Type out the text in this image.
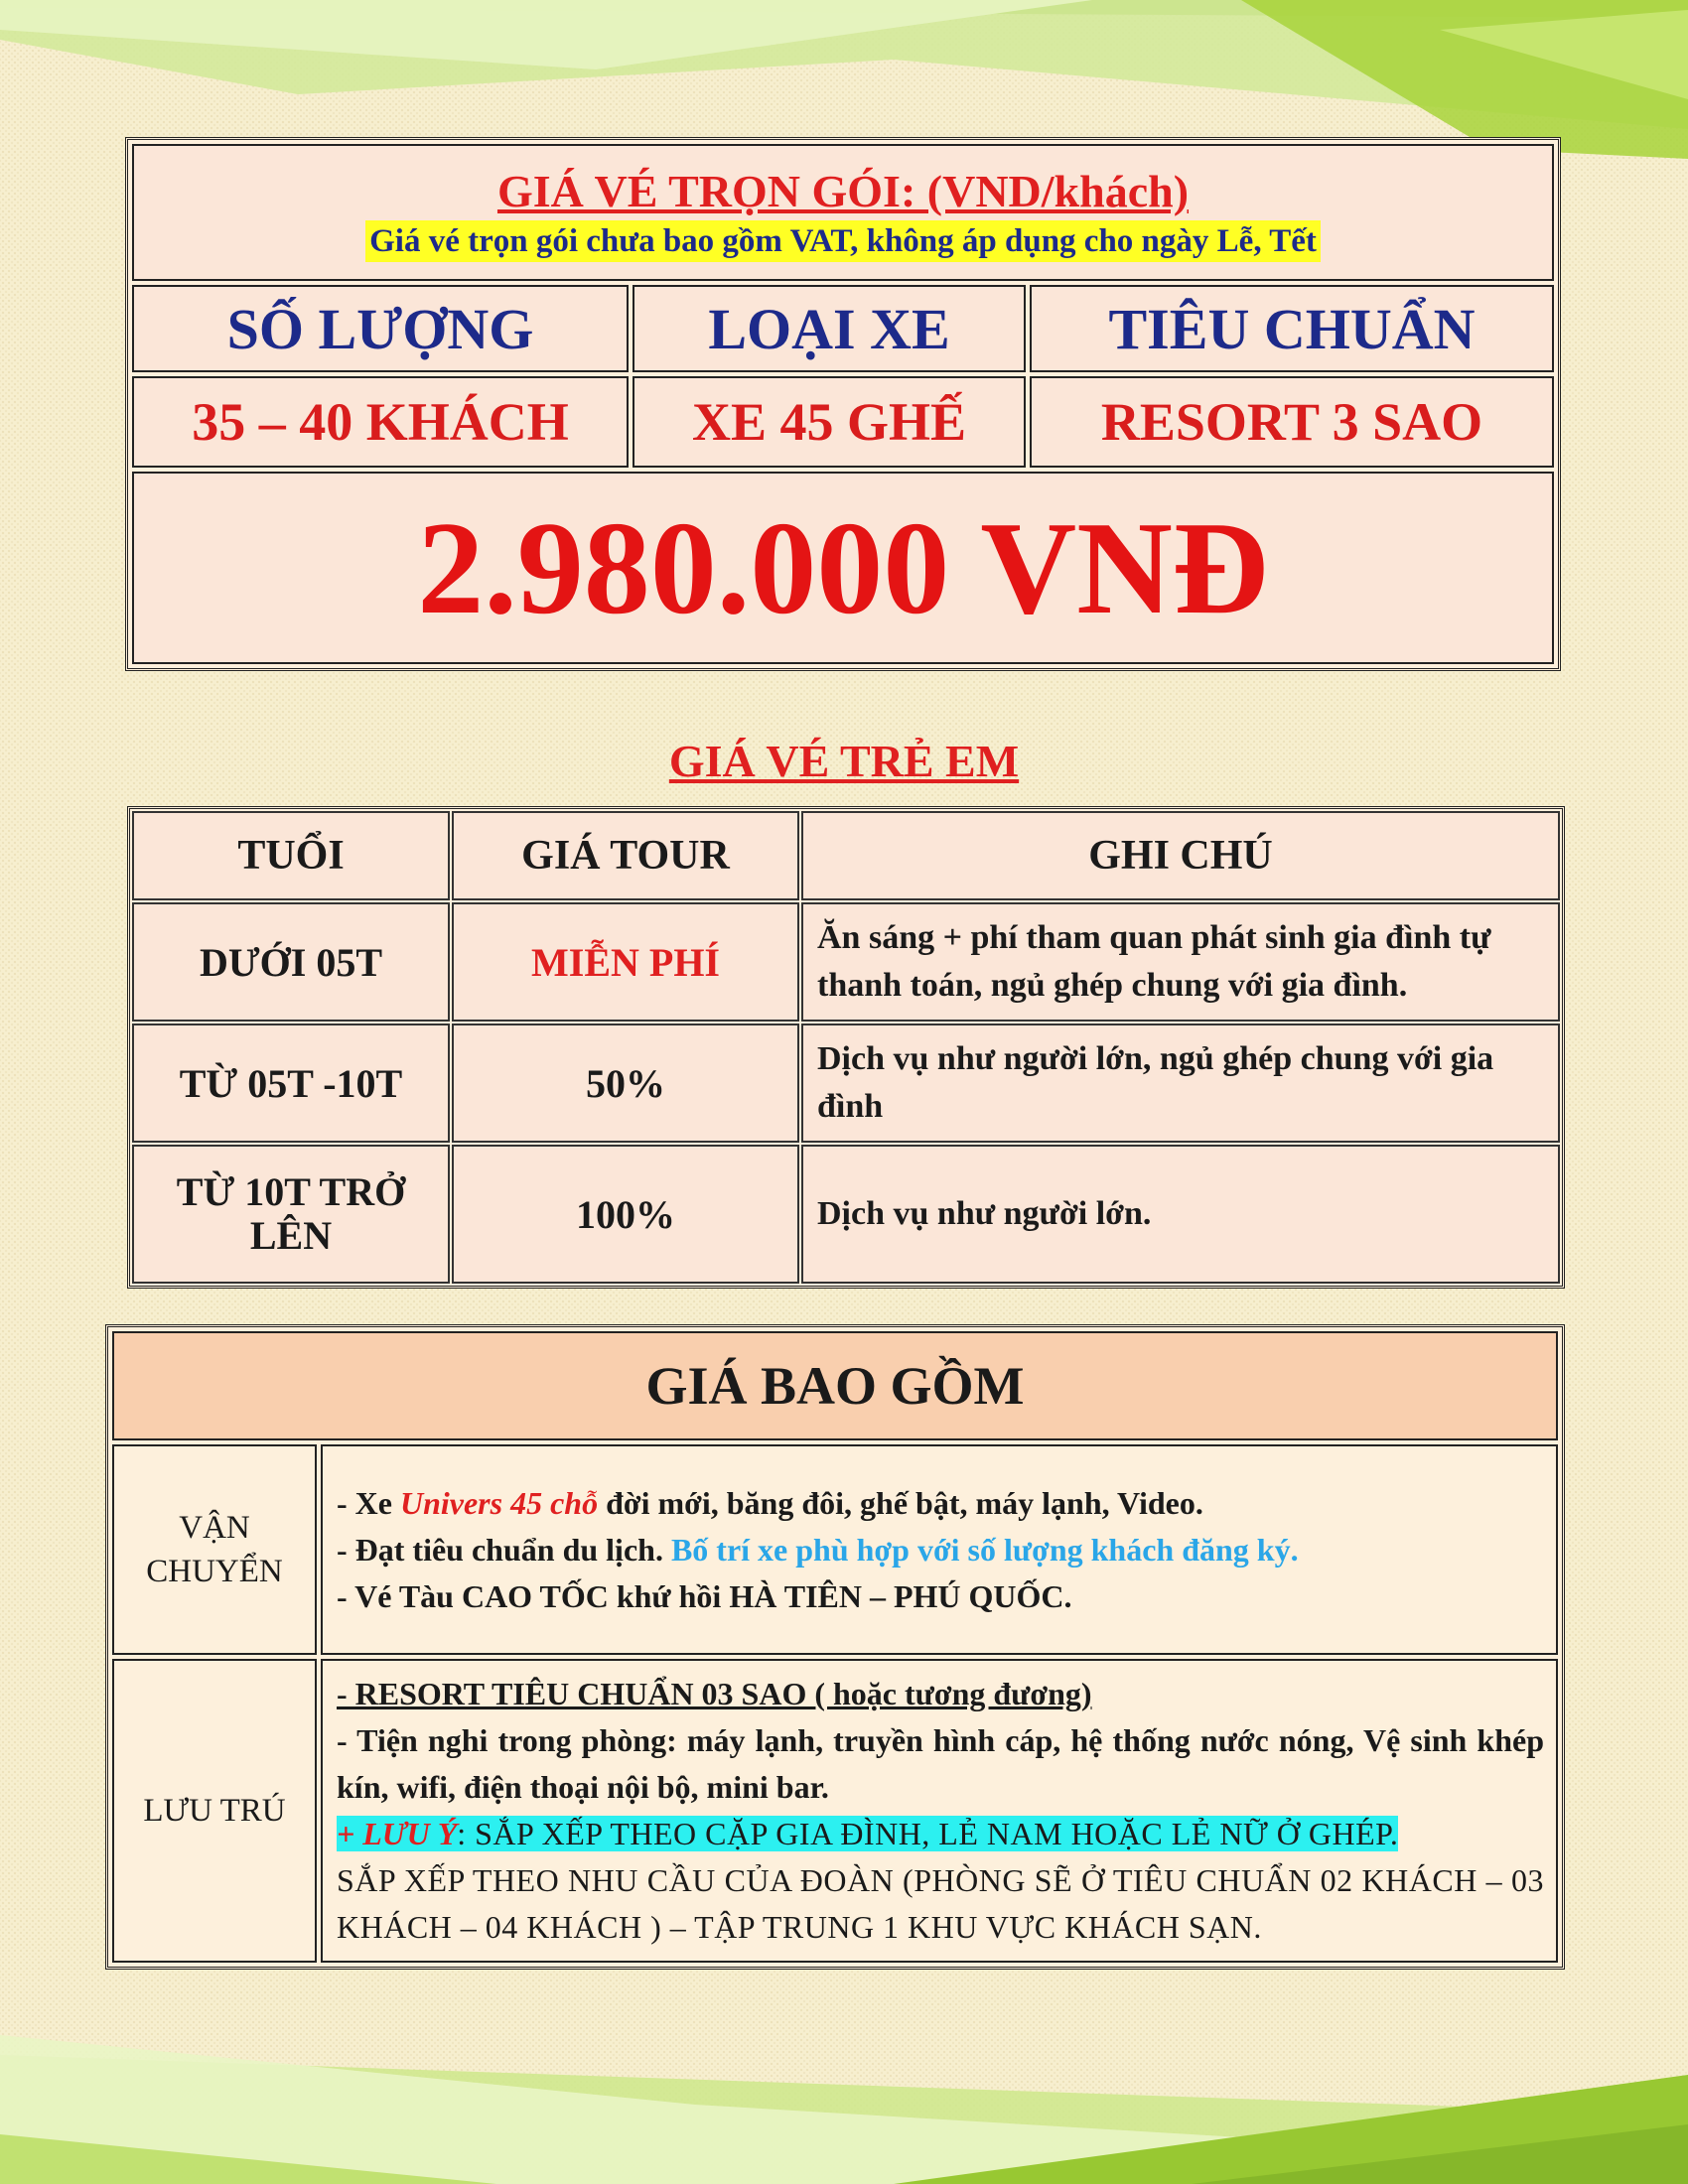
GIÁ VÉ TRỌN GÓI: (VND/khách)
Giá vé trọn gói chưa bao gồm VAT, không áp dụng cho ngày Lễ, Tết		
SỐ LƯỢNG	LOẠI XE	TIÊU CHUẨN
35 – 40 KHÁCH	XE 45 GHẾ	RESORT 3 SAO
2.980.000 VNĐ		
GIÁ VÉ TRẺ EM
TUỔI	GIÁ TOUR	GHI CHÚ
DƯỚI 05T	MIỄN PHÍ	Ăn sáng + phí tham quan phát sinh gia đình tự thanh toán, ngủ ghép chung với gia đình.
TỪ 05T -10T	50%	Dịch vụ như người lớn, ngủ ghép chung với gia đình
TỪ 10T TRỞ LÊN	100%	Dịch vụ như người lớn.
GIÁ BAO GỒM	
VẬN CHUYỂN	- Xe Univers 45 chỗ đời mới, băng đôi, ghế bật, máy lạnh, Video.
- Đạt tiêu chuẩn du lịch. Bố trí xe phù hợp với số lượng khách đăng ký.
- Vé Tàu CAO TỐC khứ hồi HÀ TIÊN – PHÚ QUỐC.

LƯU TRÚ	- RESORT TIÊU CHUẨN 03 SAO ( hoặc tương đương)
- Tiện nghi trong phòng: máy lạnh, truyền hình cáp, hệ thống nước nóng, Vệ sinh khép kín, wifi, điện thoại nội bộ, mini bar.
+ LƯU Ý: SẮP XẾP THEO CẶP GIA ĐÌNH, LẺ NAM HOẶC LẺ NỮ Ở GHÉP.
SẮP XẾP THEO NHU CẦU CỦA ĐOÀN (PHÒNG SẼ Ở TIÊU CHUẨN 02 KHÁCH – 03 KHÁCH – 04 KHÁCH ) – TẬP TRUNG 1 KHU VỰC KHÁCH SẠN.
